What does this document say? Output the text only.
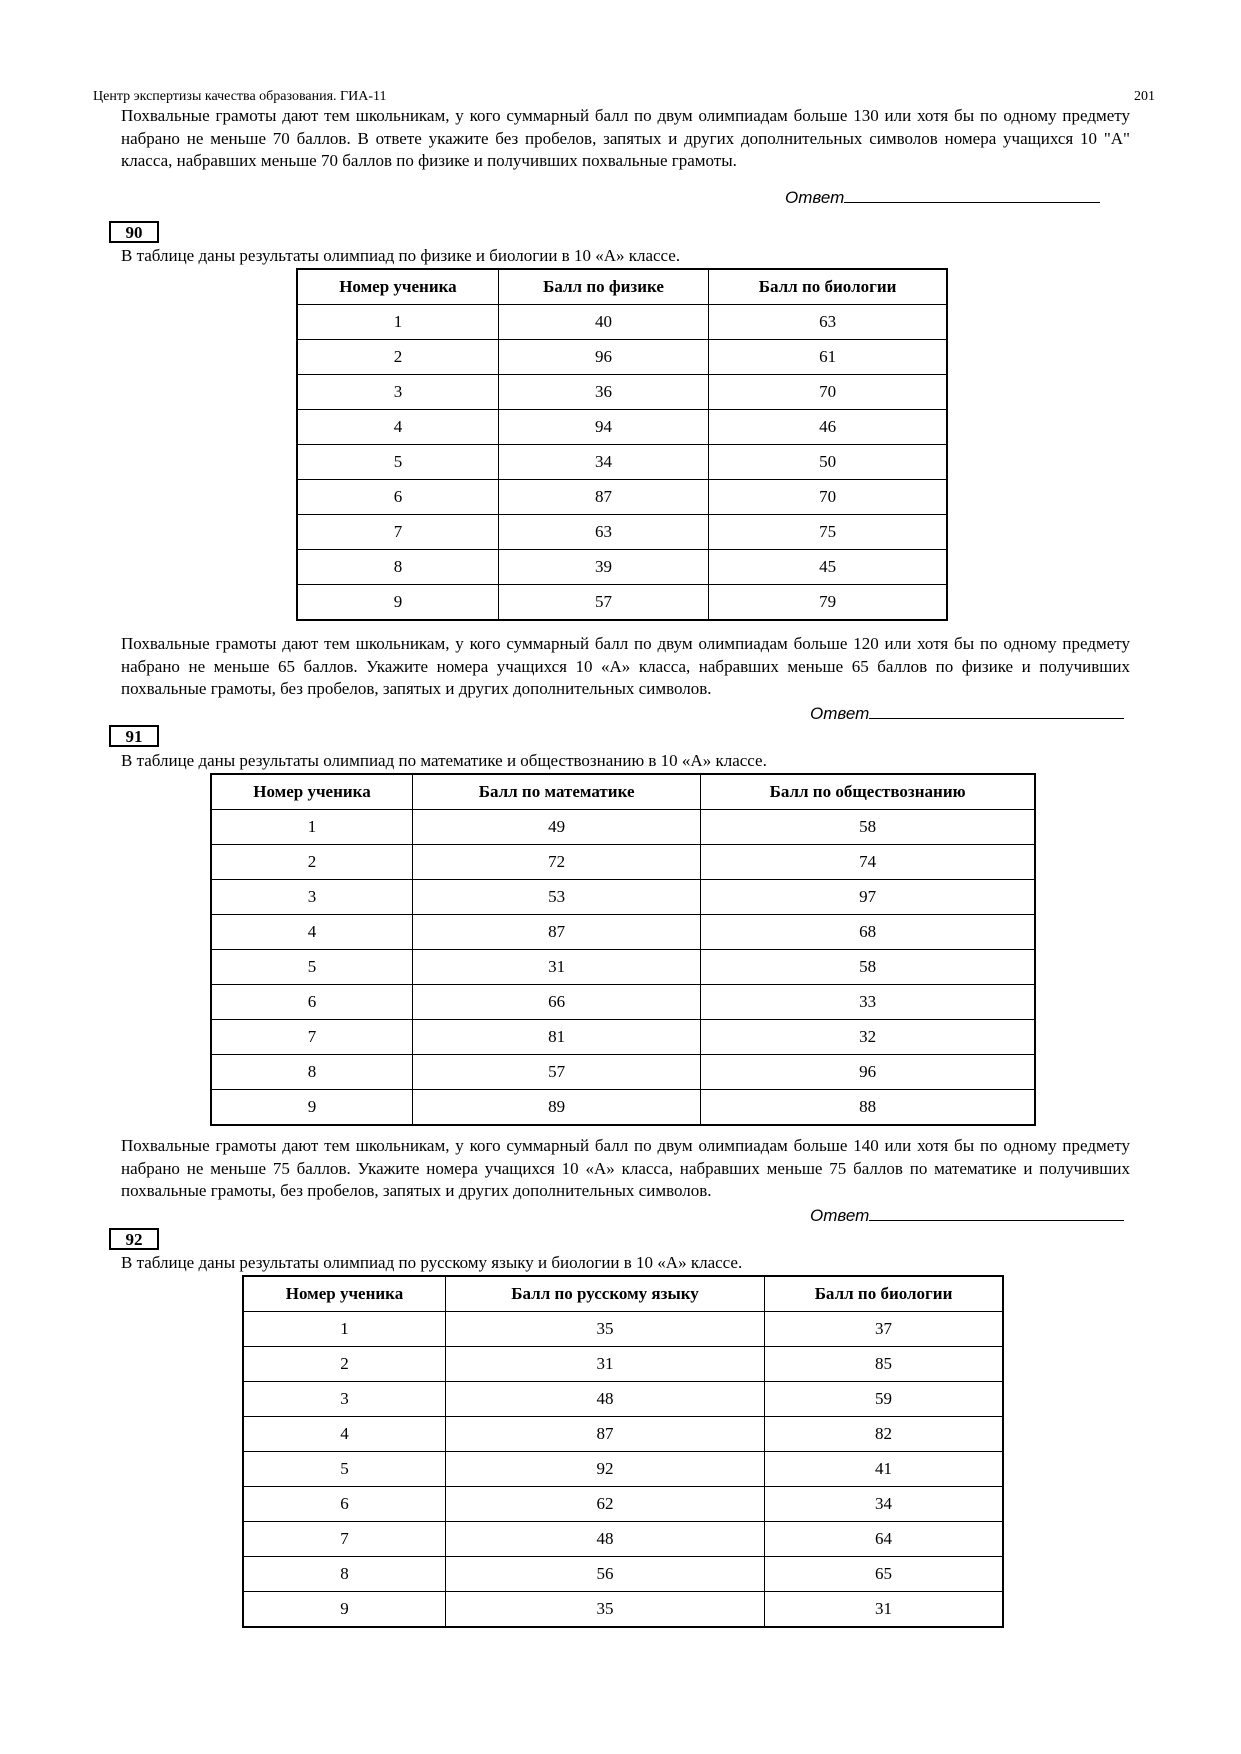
Центр экспертизы качества образования. ГИА-11	201
Похвальные грамоты дают тем школьникам, у кого суммарный балл по двум олимпиадам больше 130 или хотя бы по одному предмету набрано не меньше 70 баллов. В ответе укажите без пробелов, запятых и других дополнительных символов номера учащихся 10 "А" класса, набравших меньше 70 баллов по физике и получивших похвальные грамоты.
Ответ
90
В таблице даны результаты олимпиад по физике и биологии в 10 «А» классе.
Номер ученика	Балл по физике	Балл по биологии
1	40	63
2	96	61
3	36	70
4	94	46
5	34	50
6	87	70
7	63	75
8	39	45
9	57	79
Похвальные грамоты дают тем школьникам, у кого суммарный балл по двум олимпиадам больше 120 или хотя бы по одному предмету набрано не меньше 65 баллов. Укажите номера учащихся 10 «А» класса, набравших меньше 65 баллов по физике и получивших похвальные грамоты, без пробелов, запятых и других дополнительных символов.
Ответ
91
В таблице даны результаты олимпиад по математике и обществознанию в 10 «А» классе.
Номер ученика	Балл по математике	Балл по обществознанию
1	49	58
2	72	74
3	53	97
4	87	68
5	31	58
6	66	33
7	81	32
8	57	96
9	89	88
Похвальные грамоты дают тем школьникам, у кого суммарный балл по двум олимпиадам больше 140 или хотя бы по одному предмету набрано не меньше 75 баллов. Укажите номера учащихся 10 «А» класса, набравших меньше 75 баллов по математике и получивших похвальные грамоты, без пробелов, запятых и других дополнительных символов.
Ответ
92
В таблице даны результаты олимпиад по русскому языку и биологии в 10 «А» классе.
Номер ученика	Балл по русскому языку	Балл по биологии
1	35	37
2	31	85
3	48	59
4	87	82
5	92	41
6	62	34
7	48	64
8	56	65
9	35	31
